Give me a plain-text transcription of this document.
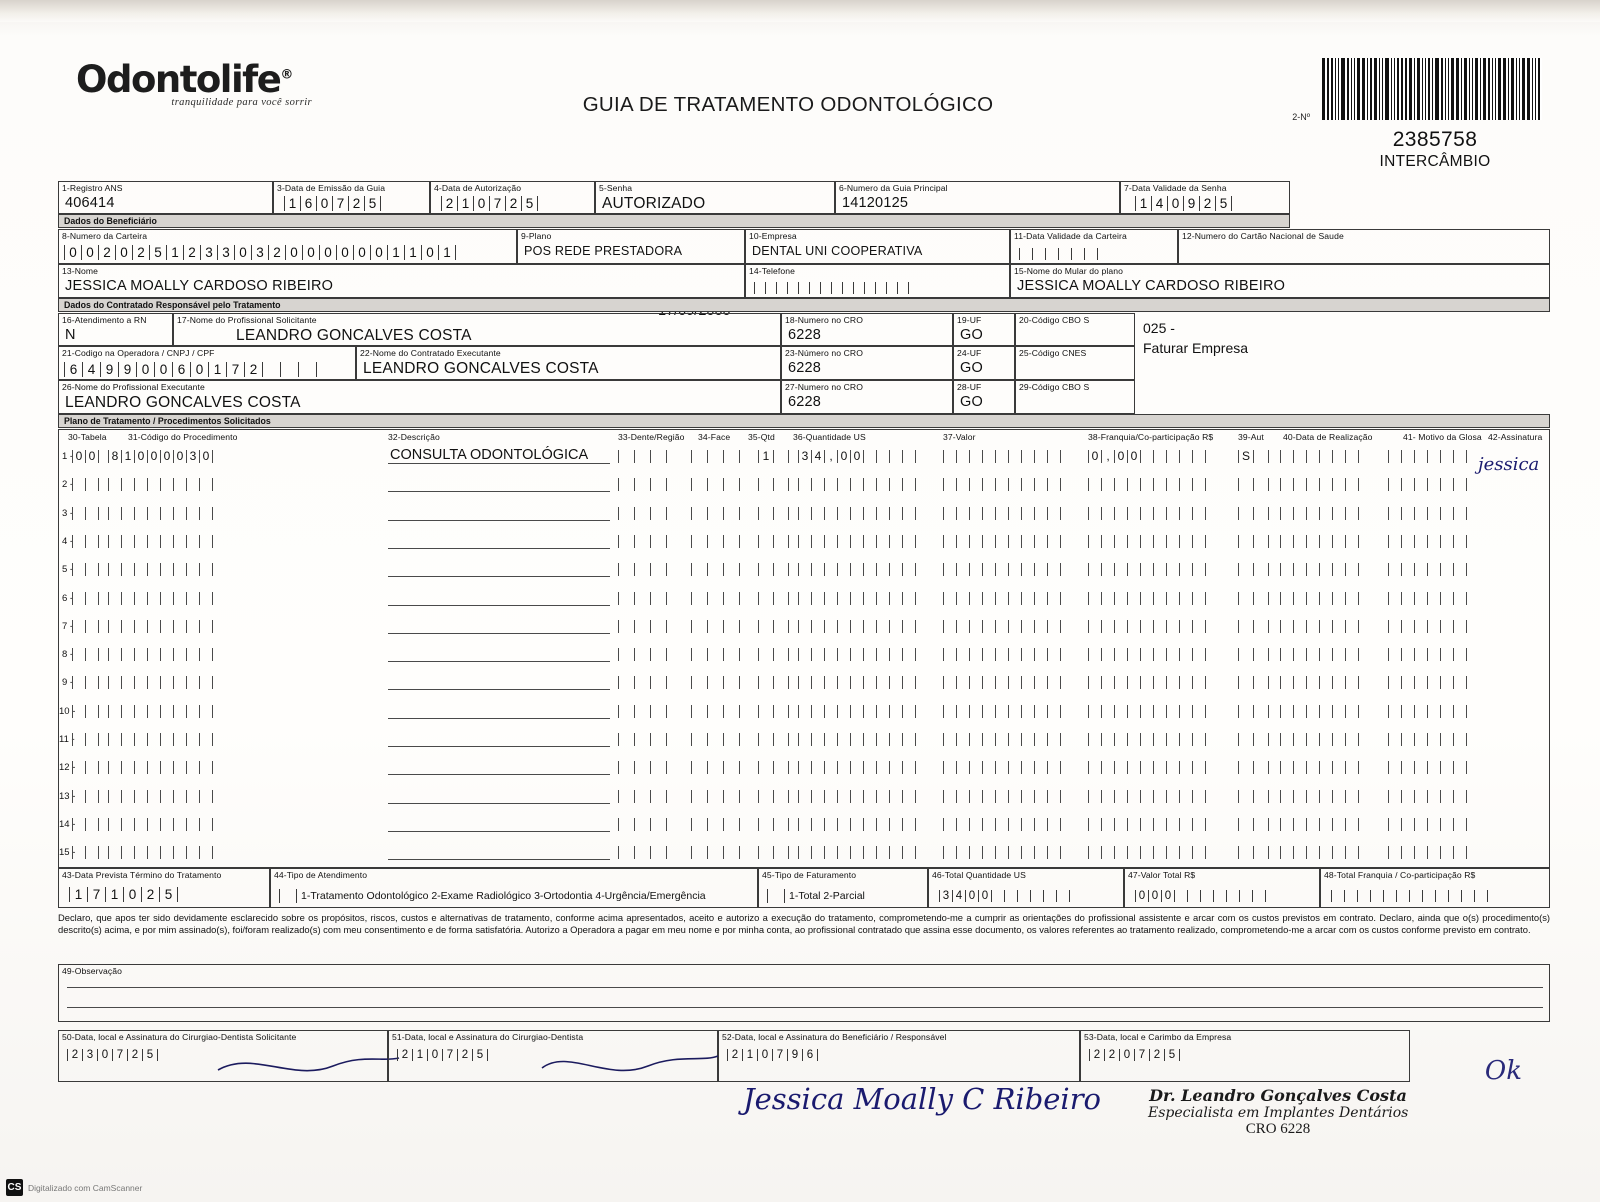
Odontolife®
tranquilidade para você sorrir	GUIA DE TRATAMENTO ODONTOLÓGICO
2-Nº
2385758
INTERCÂMBIO
1-Registro ANS
406414
3-Data de Emissão da Guia
1 6 0 7 2 5
4-Data de Autorização
2 1 0 7 2 5
5-Senha
AUTORIZADO
6-Numero da Guia Principal
14120125
7-Data Validade da Senha
1 4 0 9 2 5
Dados do Beneficiário
8-Numero da Carteira
0 0 2 0 2 5 1 2 3 3 0 3 2 0 0 0 0 0 0 1 1 0 1
9-Plano
POS REDE PRESTADORA
10-Empresa
DENTAL UNI COOPERATIVA
11-Data Validade da Carteira	12-Numero do Cartão Nacional de Saude
13-Nome
JESSICA MOALLY CARDOSO RIBEIRO
14-Telefone	15-Nome do Mular do plano
JESSICA MOALLY CARDOSO RIBEIRO
Dados do Contratado Responsável pelo Tratamento
16-Atendimento a RN
N
17-Nome do Profissional Solicitante
LEANDRO GONCALVES COSTA
18-Numero no CRO
6228
19-UF
GO
20-Código CBO S	025 -
Faturar Empresa
21-Codigo na Operadora / CNPJ / CPF
6 4 9 9 0 0 6 0 1 7 2
22-Nome do Contratado Executante
LEANDRO GONCALVES COSTA
23-Número no CRO
6228
24-UF
GO
25-Código CNES
26-Nome do Profissional Executante
LEANDRO GONCALVES COSTA
27-Numero no CRO
6228
28-UF
GO
29-Código CBO S
Plano de Tratamento / Procedimentos Solicitados
30-Tabela 31-Código do Procedimento	32-Descrição	33-Dente/Região 34-Face 35-Qtd 36-Quantidade US	37-Valor	38-Franquia/Co-participação R$	39-Aut 40-Data de Realização	41- Motivo da Glosa 42-Assinatura
1 - 0 0	8 1 0 0 0 0 3 0	CONSULTA ODONTOLÓGICA	1	3 4 , 0 0	0 , 0 0	S	jessica
2 -
3 -
4 -
5 -
6 -
7 -
8 -
9 -
10 -
11 -
12 -
13 -
14 -
15 -
43-Data Prevista Término do Tratamento
1 7 1 0 2 5
44-Tipo de Atendimento
1-Tratamento Odontológico 2-Exame Radiológico 3-Ortodontia 4-Urgência/Emergência
45-Tipo de Faturamento
1-Total 2-Parcial
46-Total Quantidade US
3 4 0 0
47-Valor Total R$
0 0 0
48-Total Franquia / Co-participação R$
Declaro, que apos ter sido devidamente esclarecido sobre os propósitos, riscos, custos e alternativas de tratamento, conforme acima apresentados, aceito e autorizo a execução do tratamento, comprometendo-me a cumprir as orientações do profissional assistente e arcar com os custos previstos em contrato. Declaro, ainda que o(s) procedimento(s) descrito(s) acima, e por mim assinado(s), foi/foram realizado(s) com meu consentimento e de forma satisfatória. Autorizo a Operadora a pagar em meu nome e por minha conta, ao profissional contratado que assina esse documento, os valores referentes ao tratamento realizado, comprometendo-me a arcar com os custos conforme previsto em contrato.
49-Observação
50-Data, local e Assinatura do Cirurgiao-Dentista Solicitante
2 3 0 7 2 5
51-Data, local e Assinatura do Cirurgiao-Dentista
2 1 0 7 2 5
52-Data, local e Assinatura do Beneficiário / Responsável
2 1 0 7 9 6
Jessica Moally C Ribeiro
53-Data, local e Carimbo da Empresa
2 2 0 7 2 5
Dr. Leandro Gonçalves Costa
Especialista em Implantes Dentários
CRO 6228
Ok
CS Digitalizado com CamScanner
